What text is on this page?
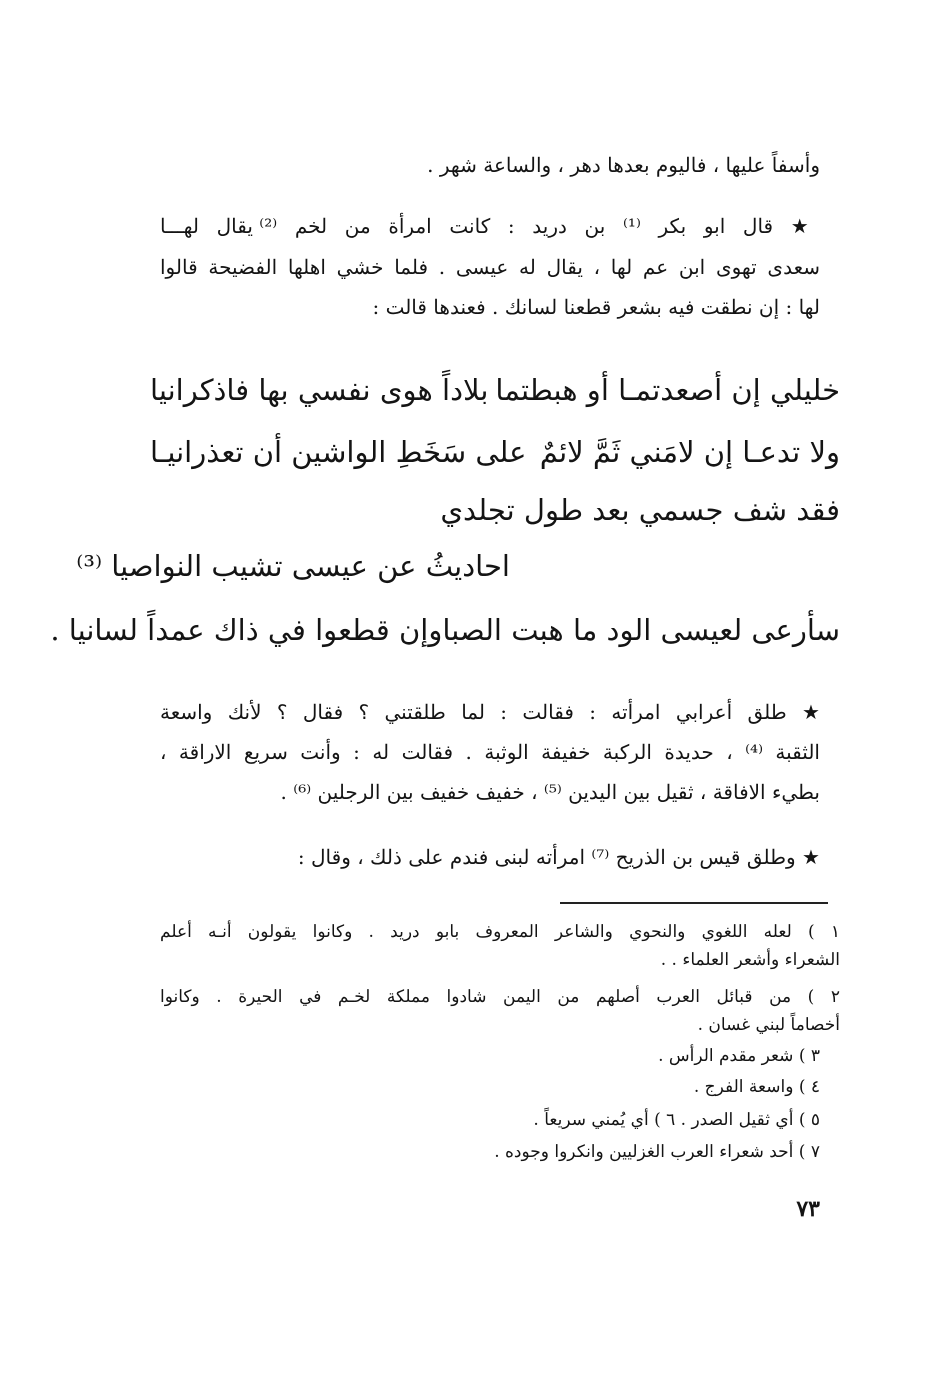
وأسفاً عليها ، فاليوم بعدها دهر ، والساعة شهر .
★ قال ابو بكر ⁽¹⁾ بن دريد : كانت امرأة من لخم ⁽²⁾ يقال لهـــا
سعدى تهوى ابن عم لها ، يقال له عيسى . فلما خشي اهلها الفضيحة قالوا
لها : إن نطقت فيه بشعر قطعنا لسانك . فعندها قالت :
خليلي إن أصعدتمـا أو هبطتما
بلاداً هوى نفسي بها فاذكرانيا
ولا تدعـا إن لامَني ثَمَّ لائمٌ
على سَخَطِ الواشين أن تعذرانيـا
فقد شف جسمي بعد طول تجلدي
احاديثُ عن عيسى تشيب النواصيا ⁽³⁾
سأرعى لعيسى الود ما هبت الصبا
وإن قطعوا في ذاك عمداً لسانيا .
★ طلق أعرابي امرأته : فقالت : لما طلقتني ؟ فقال ؟ لأنك واسعة
الثقبة ⁽⁴⁾ ، حديدة الركبة خفيفة الوثبة . فقالت له : وأنت سريع الاراقة ،
بطيء الافاقة ، ثقيل بين اليدين ⁽⁵⁾ ، خفيف خفيف بين الرجلين ⁽⁶⁾ .
★ وطلق قيس بن الذريح ⁽⁷⁾ امرأته لبنى فندم على ذلك ، وقال :
١ ) لعله اللغوي والنحوي والشاعر المعروف بابو دريد . وكانوا يقولون أنـه أعلم
الشعراء وأشعر العلماء . .
٢ ) من قبائل العرب أصلهم من اليمن شادوا مملكة لخـم في الحيرة . وكانوا
أخصاماً لبني غسان .
٣ ) شعر مقدم الرأس .
٤ ) واسعة الفرج .
٥ ) أي ثقيل الصدر . ٦ ) أي يُمني سريعاً .
٧ ) أحد شعراء العرب الغزليين وانكروا وجوده .
٧٣
